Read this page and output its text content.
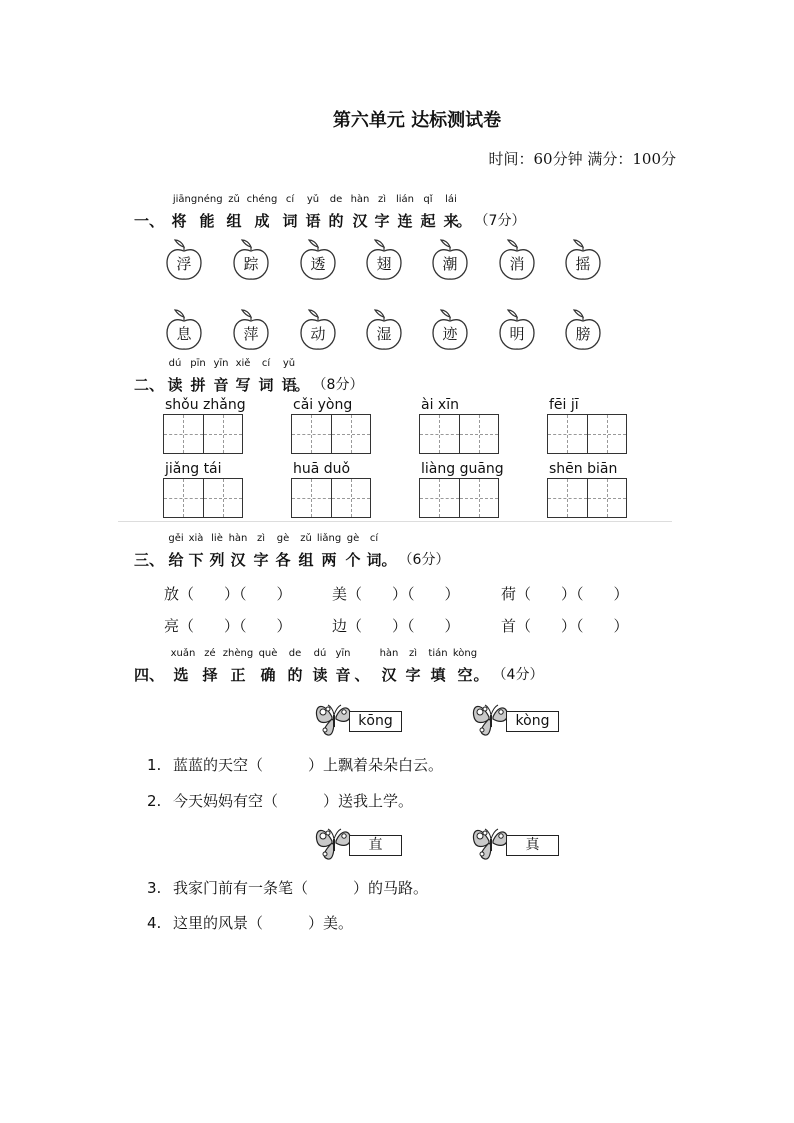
第六单元 达标测试卷
时间：60分钟 满分：100分
jiāng néng zǔ chéng cí yǔ de hàn zì lián qǐ lái
一、 将 能 组 成 词 语 的 汉 字 连 起 来
。 （7分）
浮	踪	透	翅	潮	消	摇
息	萍	动	湿	迹	明	膀
dú pīn yīn xiě cí yǔ
二、 读 拼 音 写 词 语
。 （8分）
shǒu zhǎng	cǎi yòng	ài xīn	fēi jī
jiǎng tái	huā duǒ	liàng guāng	shēn biān
gěi xià liè hàn zì gè zǔ liǎng gè cí
三、 给 下 列 汉 字 各 组 两 个 词 。 （6分）
放（　　）（　　）	美（　　）（　　）	荷（　　）（　　）
亮（　　）（　　）	边（　　）（　　）	首（　　）（　　）
xuǎn zé zhèng què de dú yīn	hàn zì tián kòng
四、 选 择 正 确 的 读 音 、 汉 字 填 空 。 （4分）
kōng	kòng
直	真
1. 蓝蓝的天空（　　　）上飘着朵朵白云。
2. 今天妈妈有空（　　　）送我上学。
3. 我家门前有一条笔（　　　）的马路。
4. 这里的风景（　　　）美。
